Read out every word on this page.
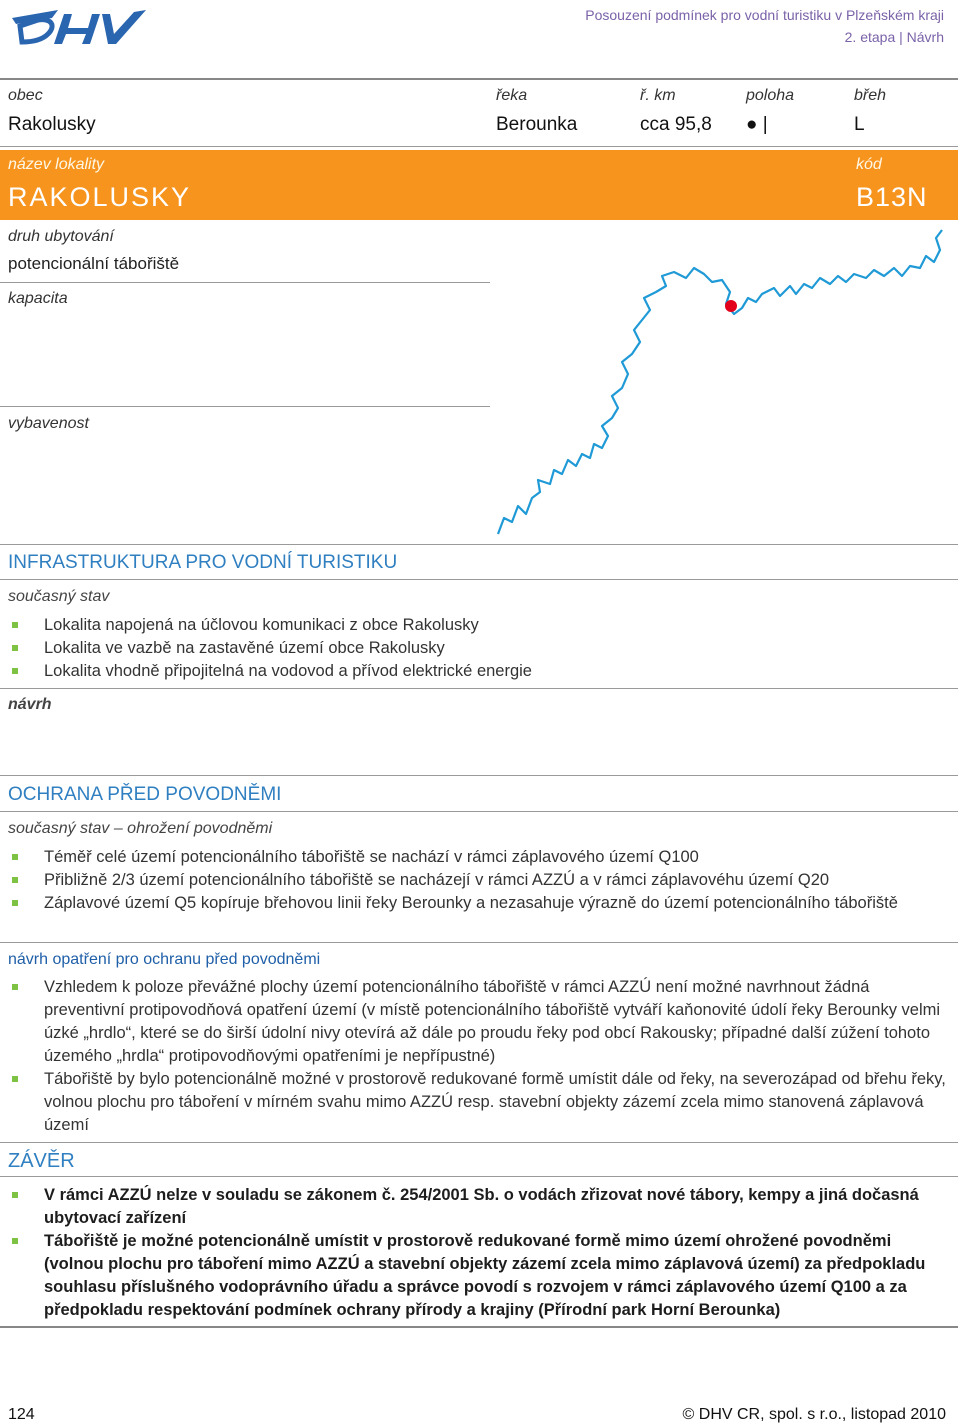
Posouzení podmínek pro vodní turistiku v Plzeňském kraji
2. etapa | Návrh
obec
Rakolusky
řeka
Berounka
ř. km
cca 95,8
poloha
● |
břeh
L
název lokality
RAKOLUSKY
kód
B13N
druh ubytování
potencionální tábořiště
kapacita
vybavenost
INFRASTRUKTURA PRO VODNÍ TURISTIKU
současný stav
Lokalita napojená na účlovou komunikaci z obce Rakolusky
Lokalita ve vazbě na zastavěné území obce Rakolusky
Lokalita vhodně připojitelná na vodovod a přívod elektrické energie
návrh
OCHRANA PŘED POVODNĚMI
současný stav – ohrožení povodněmi
Téměř celé území potencionálního tábořiště se nachází v rámci záplavového území Q100
Přibližně 2/3 území potencionálního tábořiště se nacházejí v rámci AZZÚ a v rámci záplavovéhu území Q20
Záplavové území Q5 kopíruje břehovou linii řeky Berounky a nezasahuje výrazně do území potencionálního tábořiště
návrh opatření pro ochranu před povodněmi
Vzhledem k poloze převážné plochy území potencionálního tábořiště v rámci AZZÚ není možné navrhnout žádná preventivní protipovodňová opatření území (v místě potencionálního tábořiště vytváří kaňonovité údolí řeky Berounky velmi úzké „hrdlo“, které se do širší údolní nivy otevírá až dále po proudu řeky pod obcí Rakousky; případné další zúžení tohoto územého „hrdla“ protipovodňovými opatřeními je nepřípustné)
Tábořiště by bylo potencionálně možné v prostorově redukované formě umístit dále od řeky, na severozápad od břehu řeky, volnou plochu pro táboření v mírném svahu mimo AZZÚ resp. stavební objekty zázemí zcela mimo stanovená záplavová území
ZÁVĚR
V rámci AZZÚ nelze v souladu se zákonem č. 254/2001 Sb. o vodách zřizovat nové tábory, kempy a jiná dočasná ubytovací zařízení
Tábořiště je možné potencionálně umístit v prostorově redukované formě mimo území ohrožené povodněmi (volnou plochu pro táboření mimo AZZÚ a stavební objekty zázemí zcela mimo záplavová území) za předpokladu souhlasu příslušného vodoprávního úřadu a správce povodí s rozvojem v rámci záplavového území Q100 a za předpokladu respektování podmínek ochrany přírody a krajiny (Přírodní park Horní Berounka)
124	© DHV CR, spol. s r.o., listopad 2010
